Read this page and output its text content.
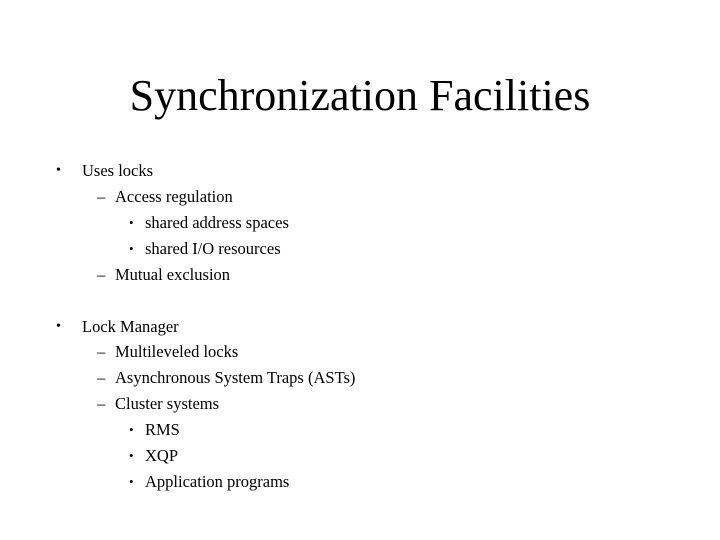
Synchronization Facilities
• Uses locks
– Access regulation
• shared address spaces
• shared I/O resources
– Mutual exclusion
• Lock Manager
– Multileveled locks
– Asynchronous System Traps (ASTs)
– Cluster systems
• RMS
• XQP
• Application programs
